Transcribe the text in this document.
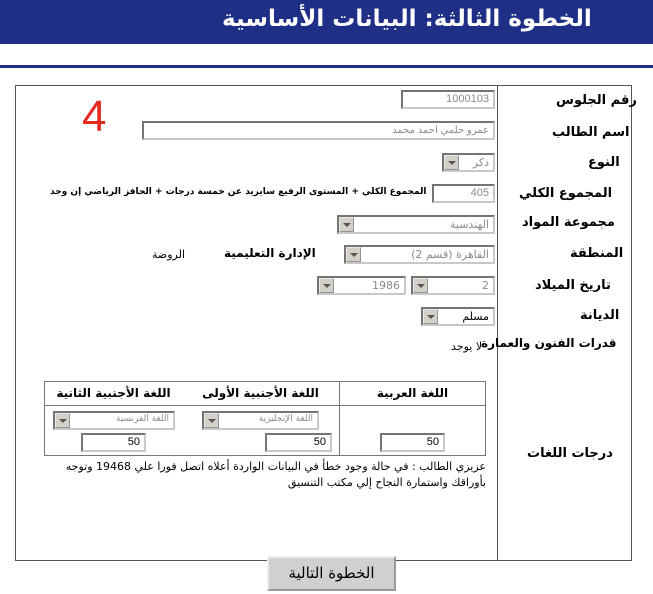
الخطوة الثالثة: البيانات الأساسية
4	رقم الجلوس
اسم الطالب
النوع
المجموع الكلي
مجموعة المواد
المنطقة
تاريخ الميلاد
الديانة
قدرات الفنون والعمارة
درجات اللغات
1000103
عمرو حلمي احمد محمد
ذكر
405
المجموع الكلي + المستوى الرفيع سايزيد عن خمسة درجات + الحافز الرياضي إن وجد
الهندسية
القاهرة (قسم 2)
الإدارة التعليمية
الروضة
2
1986
مسلم
لا يوجد
اللغة الأجنبية الثانية
اللغة الفرنسية
50
اللغة الأجنبية الأولى
اللغة الإنجليزية
50
اللغة العربية
50
عزيزي الطالب : في حالة وجود خطأ في البيانات الواردة أعلاه اتصل فورا علي 19468 وتوجه بأوراقك واستمارة النجاح إلي مكتب التنسيق
الخطوة التالية
